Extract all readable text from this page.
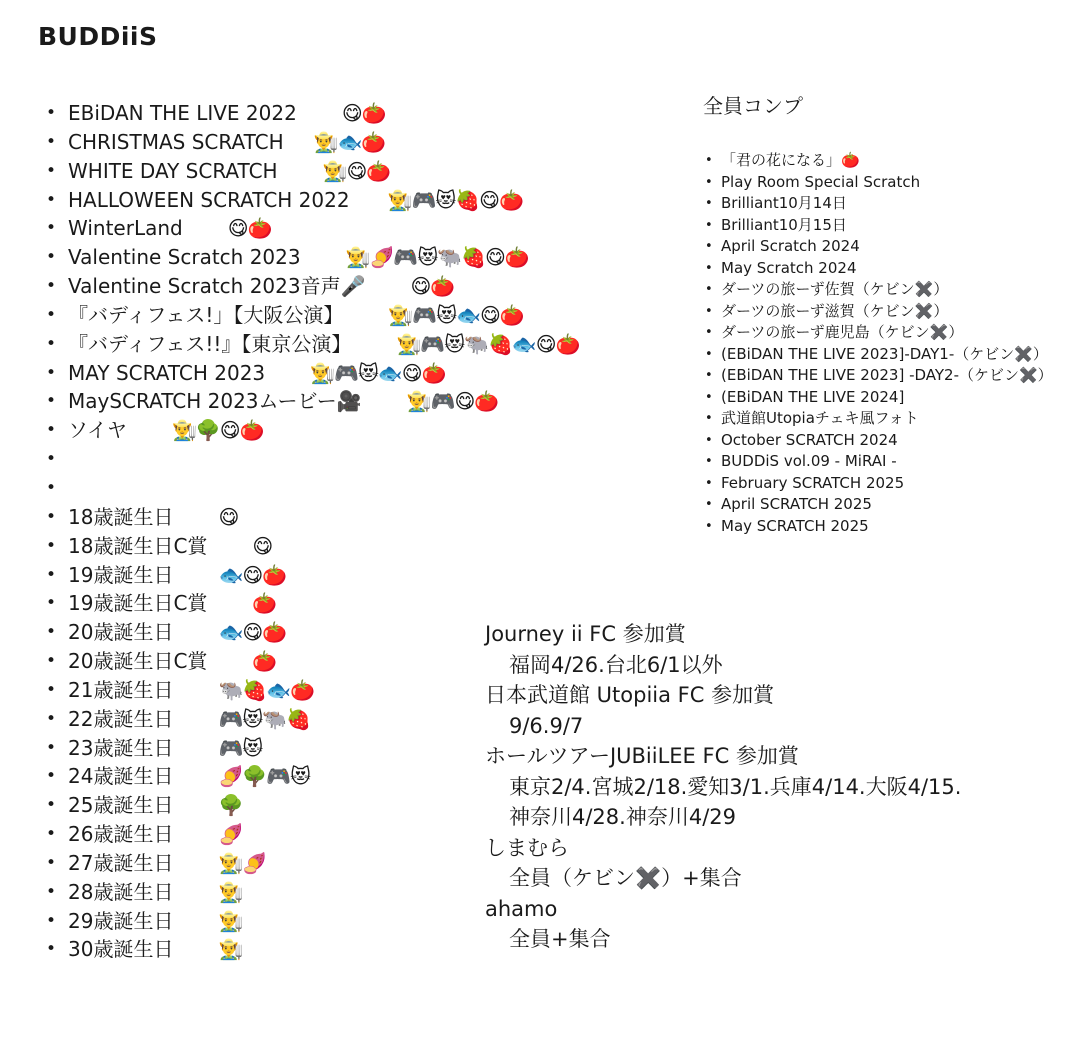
BUDDiiS
• EBiDAN THE LIVE 2022 😋🍅
• CHRISTMAS SCRATCH 👨‍🌾🐟🍅
• WHITE DAY SCRATCH 👨‍🌾😋🍅
• HALLOWEEN SCRATCH 2022 👨‍🌾🎮😻🍓😋🍅
• WinterLand 😋🍅
• Valentine Scratch 2023 👨‍🌾🍠🎮😻🐃🍓😋🍅
• Valentine Scratch 2023音声🎤 😋🍅
• 『バディフェス!」【大阪公演】 👨‍🌾🎮😻🐟😋🍅
• 『バディフェス!!』【東京公演】 👨‍🌾🎮😻🐃🍓🐟😋🍅
• MAY SCRATCH 2023 👨‍🌾🎮😻🐟😋🍅
• MaySCRATCH 2023ムービー🎥 👨‍🌾🎮😋🍅
• ソイヤ 👨‍🌾🌳😋🍅
•
•
• 18歳誕生日 😋
• 18歳誕生日C賞 😋
• 19歳誕生日 🐟😋🍅
• 19歳誕生日C賞 🍅
• 20歳誕生日 🐟😋🍅
• 20歳誕生日C賞 🍅
• 21歳誕生日 🐃🍓🐟🍅
• 22歳誕生日 🎮😻🐃🍓
• 23歳誕生日 🎮😻
• 24歳誕生日 🍠🌳🎮😻
• 25歳誕生日 🌳
• 26歳誕生日 🍠
• 27歳誕生日 👨‍🌾🍠
• 28歳誕生日 👨‍🌾
• 29歳誕生日 👨‍🌾
• 30歳誕生日 👨‍🌾
全員コンプ
• 「君の花になる」🍅
• Play Room Special Scratch
• Brilliant10月14日
• Brilliant10月15日
• April Scratch 2024
• May Scratch 2024
• ダーツの旅ーず佐賀（ケビン✖️）
• ダーツの旅ーず滋賀（ケビン✖️）
• ダーツの旅ーず鹿児島（ケビン✖️）
• (EBiDAN THE LIVE 2023]-DAY1-（ケビン✖️）
• (EBiDAN THE LIVE 2023] -DAY2-（ケビン✖️）
• (EBiDAN THE LIVE 2024]
• 武道館Utopiaチェキ風フォト
• October SCRATCH 2024
• BUDDiS vol.09 - MiRAI -
• February SCRATCH 2025
• April SCRATCH 2025
• May SCRATCH 2025
Journey ii FC 参加賞
福岡4/26.台北6/1以外
日本武道館 Utopiia FC 参加賞
9/6.9/7
ホールツアーJUBiiLEE FC 参加賞
東京2/4.宮城2/18.愛知3/1.兵庫4/14.大阪4/15.
神奈川4/28.神奈川4/29
しまむら
全員（ケビン✖️）+集合
ahamo
全員+集合
